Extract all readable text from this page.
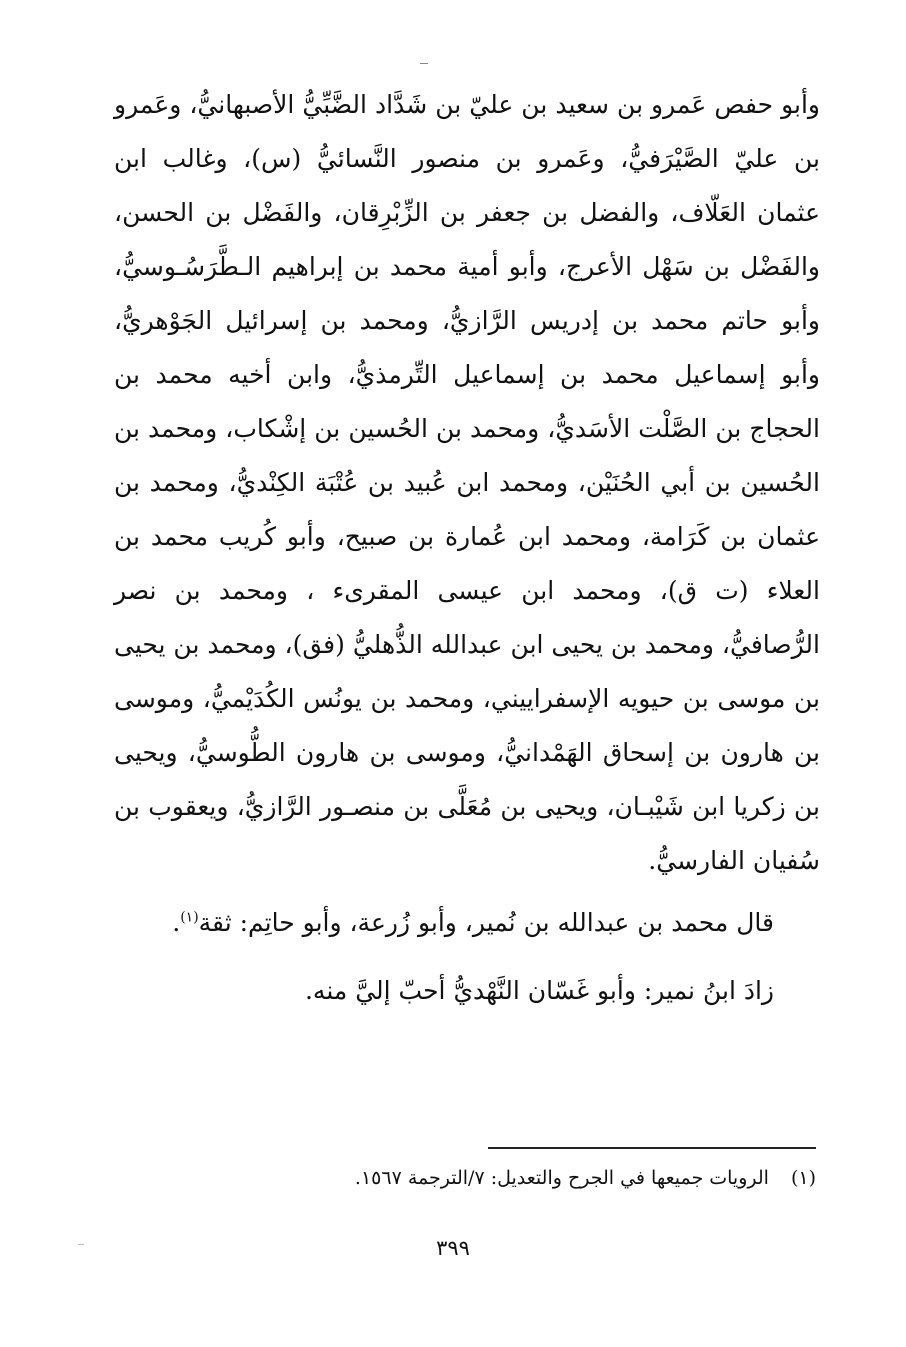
وأبو حفص عَمرو بن سعيد بن عليّ بن شَدَّاد الضَّبِّيُّ الأصبهانيُّ، وعَمرو بن عليّ الصَّيْرَفيُّ، وعَمرو بن منصور النَّسائيُّ (س)، وغالب ابن عثمان العَلّاف، والفضل بن جعفر بن الزِّبْرِقان، والفَضْل بن الحسن، والفَضْل بن سَهْل الأعرج، وأبو أمية محمد بن إبراهيم الـطَّرَسُـوسيُّ، وأبو حاتم محمد بن إدريس الرَّازيُّ، ومحمد بن إسرائيل الجَوْهريُّ، وأبو إسماعيل محمد بن إسماعيل التِّرمذيُّ، وابن أخيه محمد بن الحجاج بن الصَّلْت الأسَديُّ، ومحمد بن الحُسين بن إشْكاب، ومحمد بن الحُسين بن أبي الحُنَيْن، ومحمد ابن عُبيد بن عُتْبَة الكِنْديُّ، ومحمد بن عثمان بن كَرَامة، ومحمد ابن عُمارة بن صبيح، وأبو كُريب محمد بن العلاء (ت ق)، ومحمد ابن عيسى المقرىء ، ومحمد بن نصر الرُّصافيُّ، ومحمد بن يحيى ابن عبدالله الذُّهليُّ (فق)، ومحمد بن يحيى بن موسى بن حيويه الإسفراييني، ومحمد بن يونُس الكُدَيْميُّ، وموسى بن هارون بن إسحاق الهَمْدانيُّ، وموسى بن هارون الطُّوسيُّ، ويحيى بن زكريا ابن شَيْبـان، ويحيى بن مُعَلَّى بن منصـور الرَّازيُّ، ويعقوب بن سُفيان الفارسيُّ.

قال محمد بن عبدالله بن نُمير، وأبو زُرعة، وأبو حاتِم: ثقة$^{(١)}$.

زادَ ابنُ نمير: وأبو غَسّان النَّهْديُّ أحبّ إليَّ منه.

(١)الرويات جميعها في الجرح والتعديل: ٧/الترجمة ١٥٦٧.
٣٩٩
